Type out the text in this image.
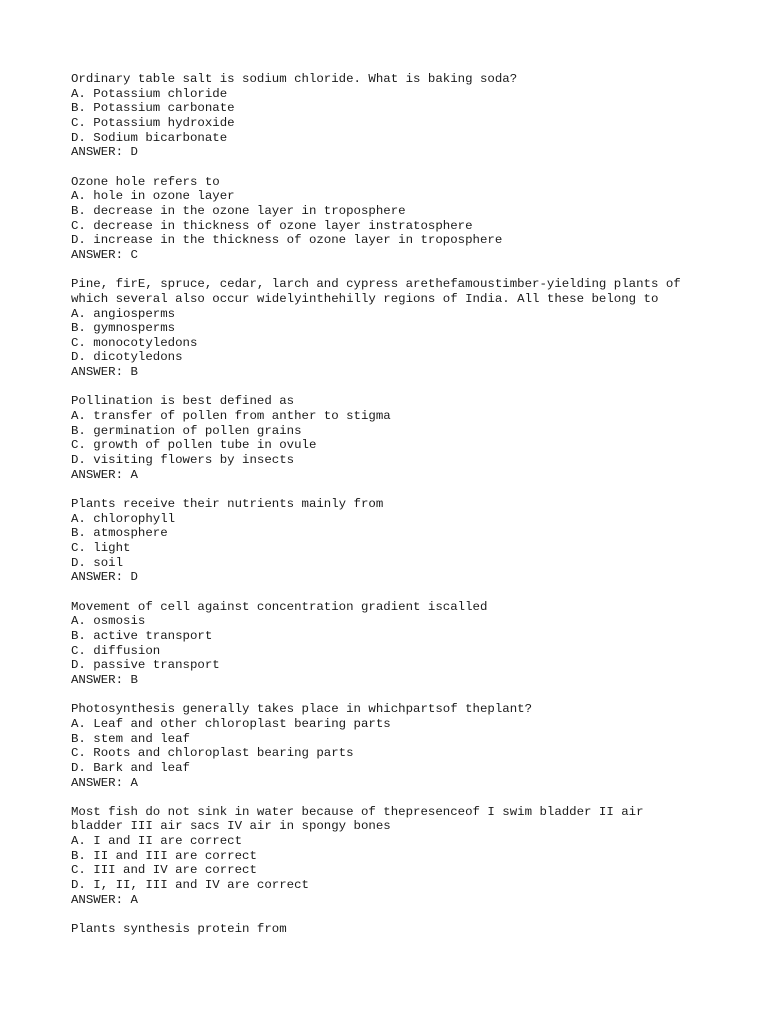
Ordinary table salt is sodium chloride. What is baking soda?
A. Potassium chloride
B. Potassium carbonate
C. Potassium hydroxide
D. Sodium bicarbonate
ANSWER: D
Ozone hole refers to
A. hole in ozone layer
B. decrease in the ozone layer in troposphere
C. decrease in thickness of ozone layer instratosphere
D. increase in the thickness of ozone layer in troposphere
ANSWER: C
Pine, firE, spruce, cedar, larch and cypress arethefamoustimber-yielding plants of
which several also occur widelyinthehilly regions of India. All these belong to
A. angiosperms
B. gymnosperms
C. monocotyledons
D. dicotyledons
ANSWER: B
Pollination is best defined as
A. transfer of pollen from anther to stigma
B. germination of pollen grains
C. growth of pollen tube in ovule
D. visiting flowers by insects
ANSWER: A
Plants receive their nutrients mainly from
A. chlorophyll
B. atmosphere
C. light
D. soil
ANSWER: D
Movement of cell against concentration gradient iscalled
A. osmosis
B. active transport
C. diffusion
D. passive transport
ANSWER: B
Photosynthesis generally takes place in whichpartsof theplant?
A. Leaf and other chloroplast bearing parts
B. stem and leaf
C. Roots and chloroplast bearing parts
D. Bark and leaf
ANSWER: A
Most fish do not sink in water because of thepresenceof I swim bladder II air
bladder III air sacs IV air in spongy bones
A. I and II are correct
B. II and III are correct
C. III and IV are correct
D. I, II, III and IV are correct
ANSWER: A
Plants synthesis protein from
